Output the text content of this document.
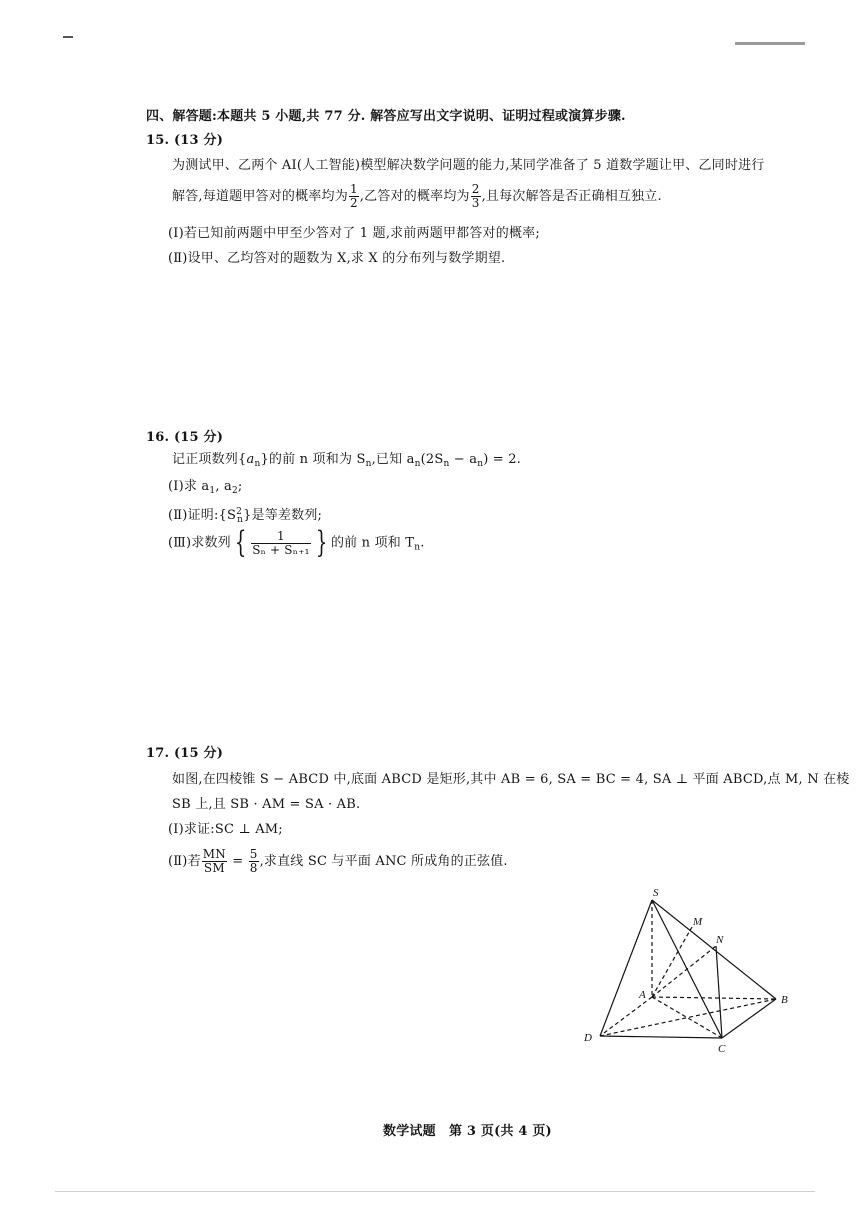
四、解答题:本题共 5 小题,共 77 分. 解答应写出文字说明、证明过程或演算步骤.
15. (13 分)
为测试甲、乙两个 AI(人工智能)模型解决数学问题的能力,某同学准备了 5 道数学题让甲、乙同时进行
解答,每道题甲答对的概率均为 $\frac{1}{2}$ ,乙答对的概率均为 $\frac{2}{3}$ ,且每次解答是否正确相互独立.
(Ⅰ)若已知前两题中甲至少答对了 1 题,求前两题甲都答对的概率;
(Ⅱ)设甲、乙均答对的题数为 X,求 X 的分布列与数学期望.
16. (15 分)
记正项数列$\{a_n\}$的前 n 项和为 $S_n$,已知 $a_n(2S_n - a_n) = 2$.
(Ⅰ)求 $a_1$, $a_2$;
(Ⅱ)证明$:\{S^2_n\}$是等差数列;
(Ⅲ)求数列 { $\frac{1}{\text{Sₙ + Sₙ₊₁}}$ } 的前 n 项和 $T_n$.
17. (15 分)
如图,在四棱锥 S − ABCD 中,底面 ABCD 是矩形,其中 AB = 6, SA = BC = 4, SA ⊥ 平面 ABCD,点 M, N 在棱
SB 上,且 SB · AM = SA · AB.
(Ⅰ)求证:SC ⊥ AM;
(Ⅱ)若 $\frac{MN}{SM} = \frac{5}{8}$ ,求直线 SC 与平面 ANC 所成角的正弦值.
S
M
N
A	B
D
C
数学试题　第 3 页(共 4 页)
